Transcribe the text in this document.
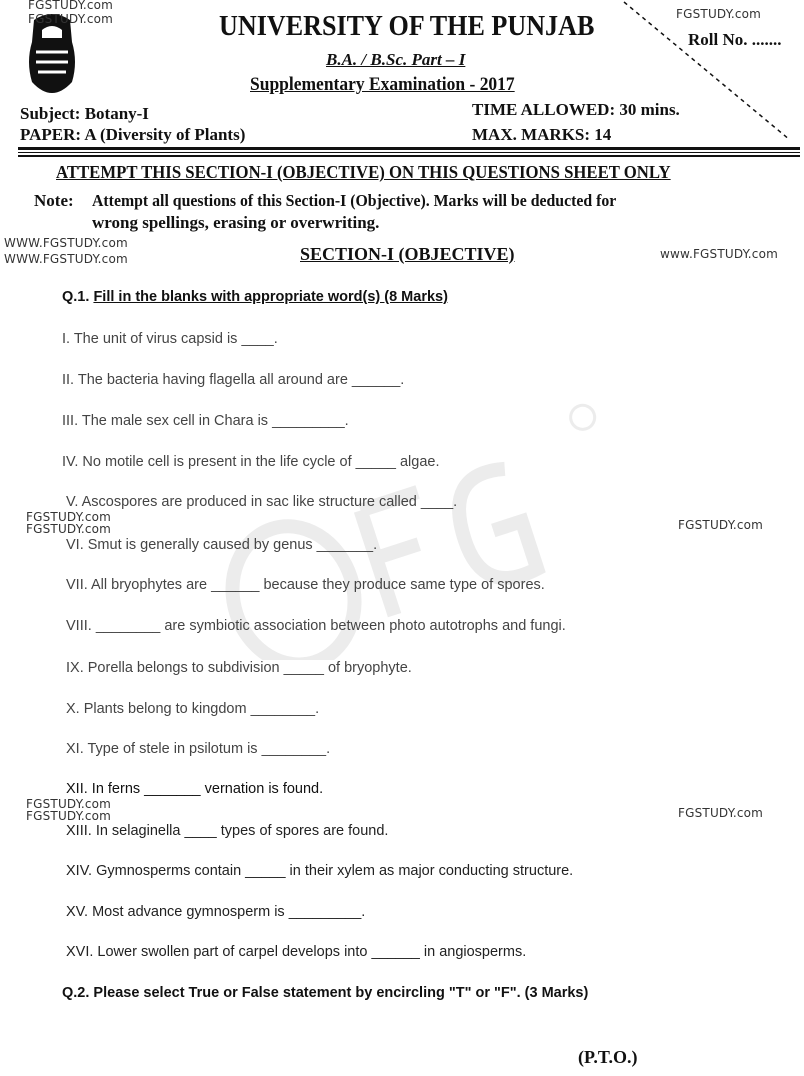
FGSTUDY.com
FGSTUDY.com	FGSTUDY.com
UNIVERSITY OF THE PUNJAB
B.A. / B.Sc. Part – I
Supplementary Examination - 2017
Roll No. .......
Subject: Botany-I
PAPER: A (Diversity of Plants)
TIME ALLOWED: 30 mins.
MAX. MARKS: 14
ATTEMPT THIS SECTION-I (OBJECTIVE) ON THIS QUESTIONS SHEET ONLY
Note: Attempt all questions of this Section-I (Objective). Marks will be deducted for
wrong spellings, erasing or overwriting.
WWW.FGSTUDY.com
WWW.FGSTUDY.com	www.FGSTUDY.com
SECTION-I (OBJECTIVE)
Q.1. Fill in the blanks with appropriate word(s) (8 Marks)
I. The unit of virus capsid is ____.
II. The bacteria having flagella all around are ______.
III. The male sex cell in Chara is _________.
IV. No motile cell is present in the life cycle of _____ algae.
V. Ascospores are produced in sac like structure called ____.
VI. Smut is generally caused by genus _______.
VII. All bryophytes are ______ because they produce same type of spores.
VIII. ________ are symbiotic association between photo autotrophs and fungi.
IX. Porella belongs to subdivision _____ of bryophyte.
X. Plants belong to kingdom ________.
XI. Type of stele in psilotum is ________.
XII. In ferns _______ vernation is found.
XIII. In selaginella ____ types of spores are found.
XIV. Gymnosperms contain _____ in their xylem as major conducting structure.
XV. Most advance gymnosperm is _________.
XVI. Lower swollen part of carpel develops into ______ in angiosperms.
Q.2. Please select True or False statement by encircling "T" or "F". (3 Marks)
FGSTUDY.com
FGSTUDY.com	FGSTUDY.com
FGSTUDY.com
FGSTUDY.com	FGSTUDY.com
(P.T.O.)
